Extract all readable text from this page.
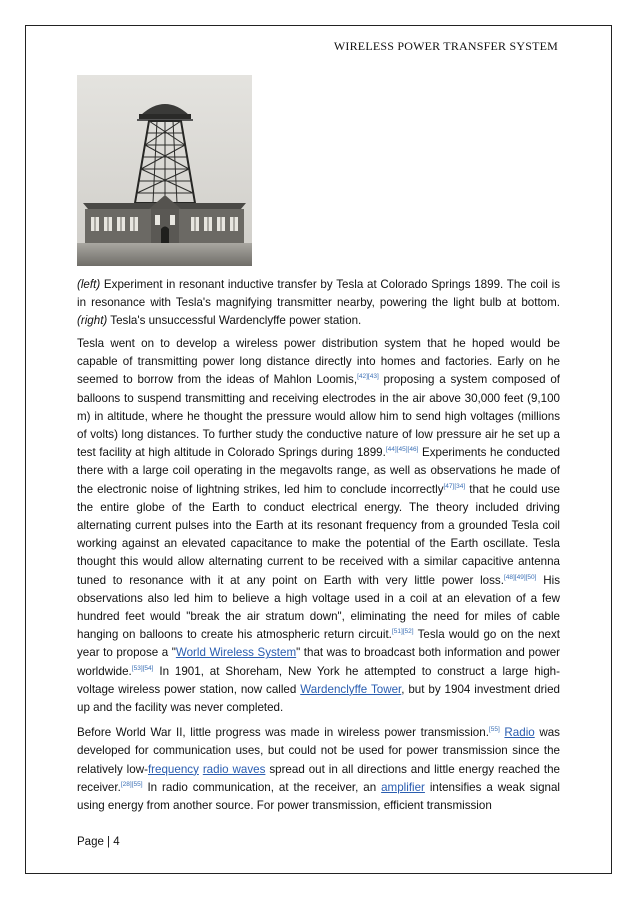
WIRELESS POWER TRANSFER SYSTEM

(left) Experiment in resonant inductive transfer by Tesla at Colorado Springs 1899. The coil is in resonance with Tesla's magnifying transmitter nearby, powering the light bulb at bottom. (right) Tesla's unsuccessful Wardenclyffe power station.

Tesla went on to develop a wireless power distribution system that he hoped would be capable of transmitting power long distance directly into homes and factories. Early on he seemed to borrow from the ideas of Mahlon Loomis,[42][43] proposing a system composed of balloons to suspend transmitting and receiving electrodes in the air above 30,000 feet (9,100 m) in altitude, where he thought the pressure would allow him to send high voltages (millions of volts) long distances. To further study the conductive nature of low pressure air he set up a test facility at high altitude in Colorado Springs during 1899.[44][45][46] Experiments he conducted there with a large coil operating in the megavolts range, as well as observations he made of the electronic noise of lightning strikes, led him to conclude incorrectly[47][34] that he could use the entire globe of the Earth to conduct electrical energy. The theory included driving alternating current pulses into the Earth at its resonant frequency from a grounded Tesla coil working against an elevated capacitance to make the potential of the Earth oscillate. Tesla thought this would allow alternating current to be received with a similar capacitive antenna tuned to resonance with it at any point on Earth with very little power loss.[48][49][50] His observations also led him to believe a high voltage used in a coil at an elevation of a few hundred feet would "break the air stratum down", eliminating the need for miles of cable hanging on balloons to create his atmospheric return circuit.[51][52] Tesla would go on the next year to propose a "World Wireless System" that was to broadcast both information and power worldwide.[53][54] In 1901, at Shoreham, New York he attempted to construct a large high-voltage wireless power station, now called Wardenclyffe Tower, but by 1904 investment dried up and the facility was never completed.

Before World War II, little progress was made in wireless power transmission.[55] Radio was developed for communication uses, but could not be used for power transmission since the relatively low-frequency radio waves spread out in all directions and little energy reached the receiver.[28][55] In radio communication, at the receiver, an amplifier intensifies a weak signal using energy from another source. For power transmission, efficient transmission

Page | 4
